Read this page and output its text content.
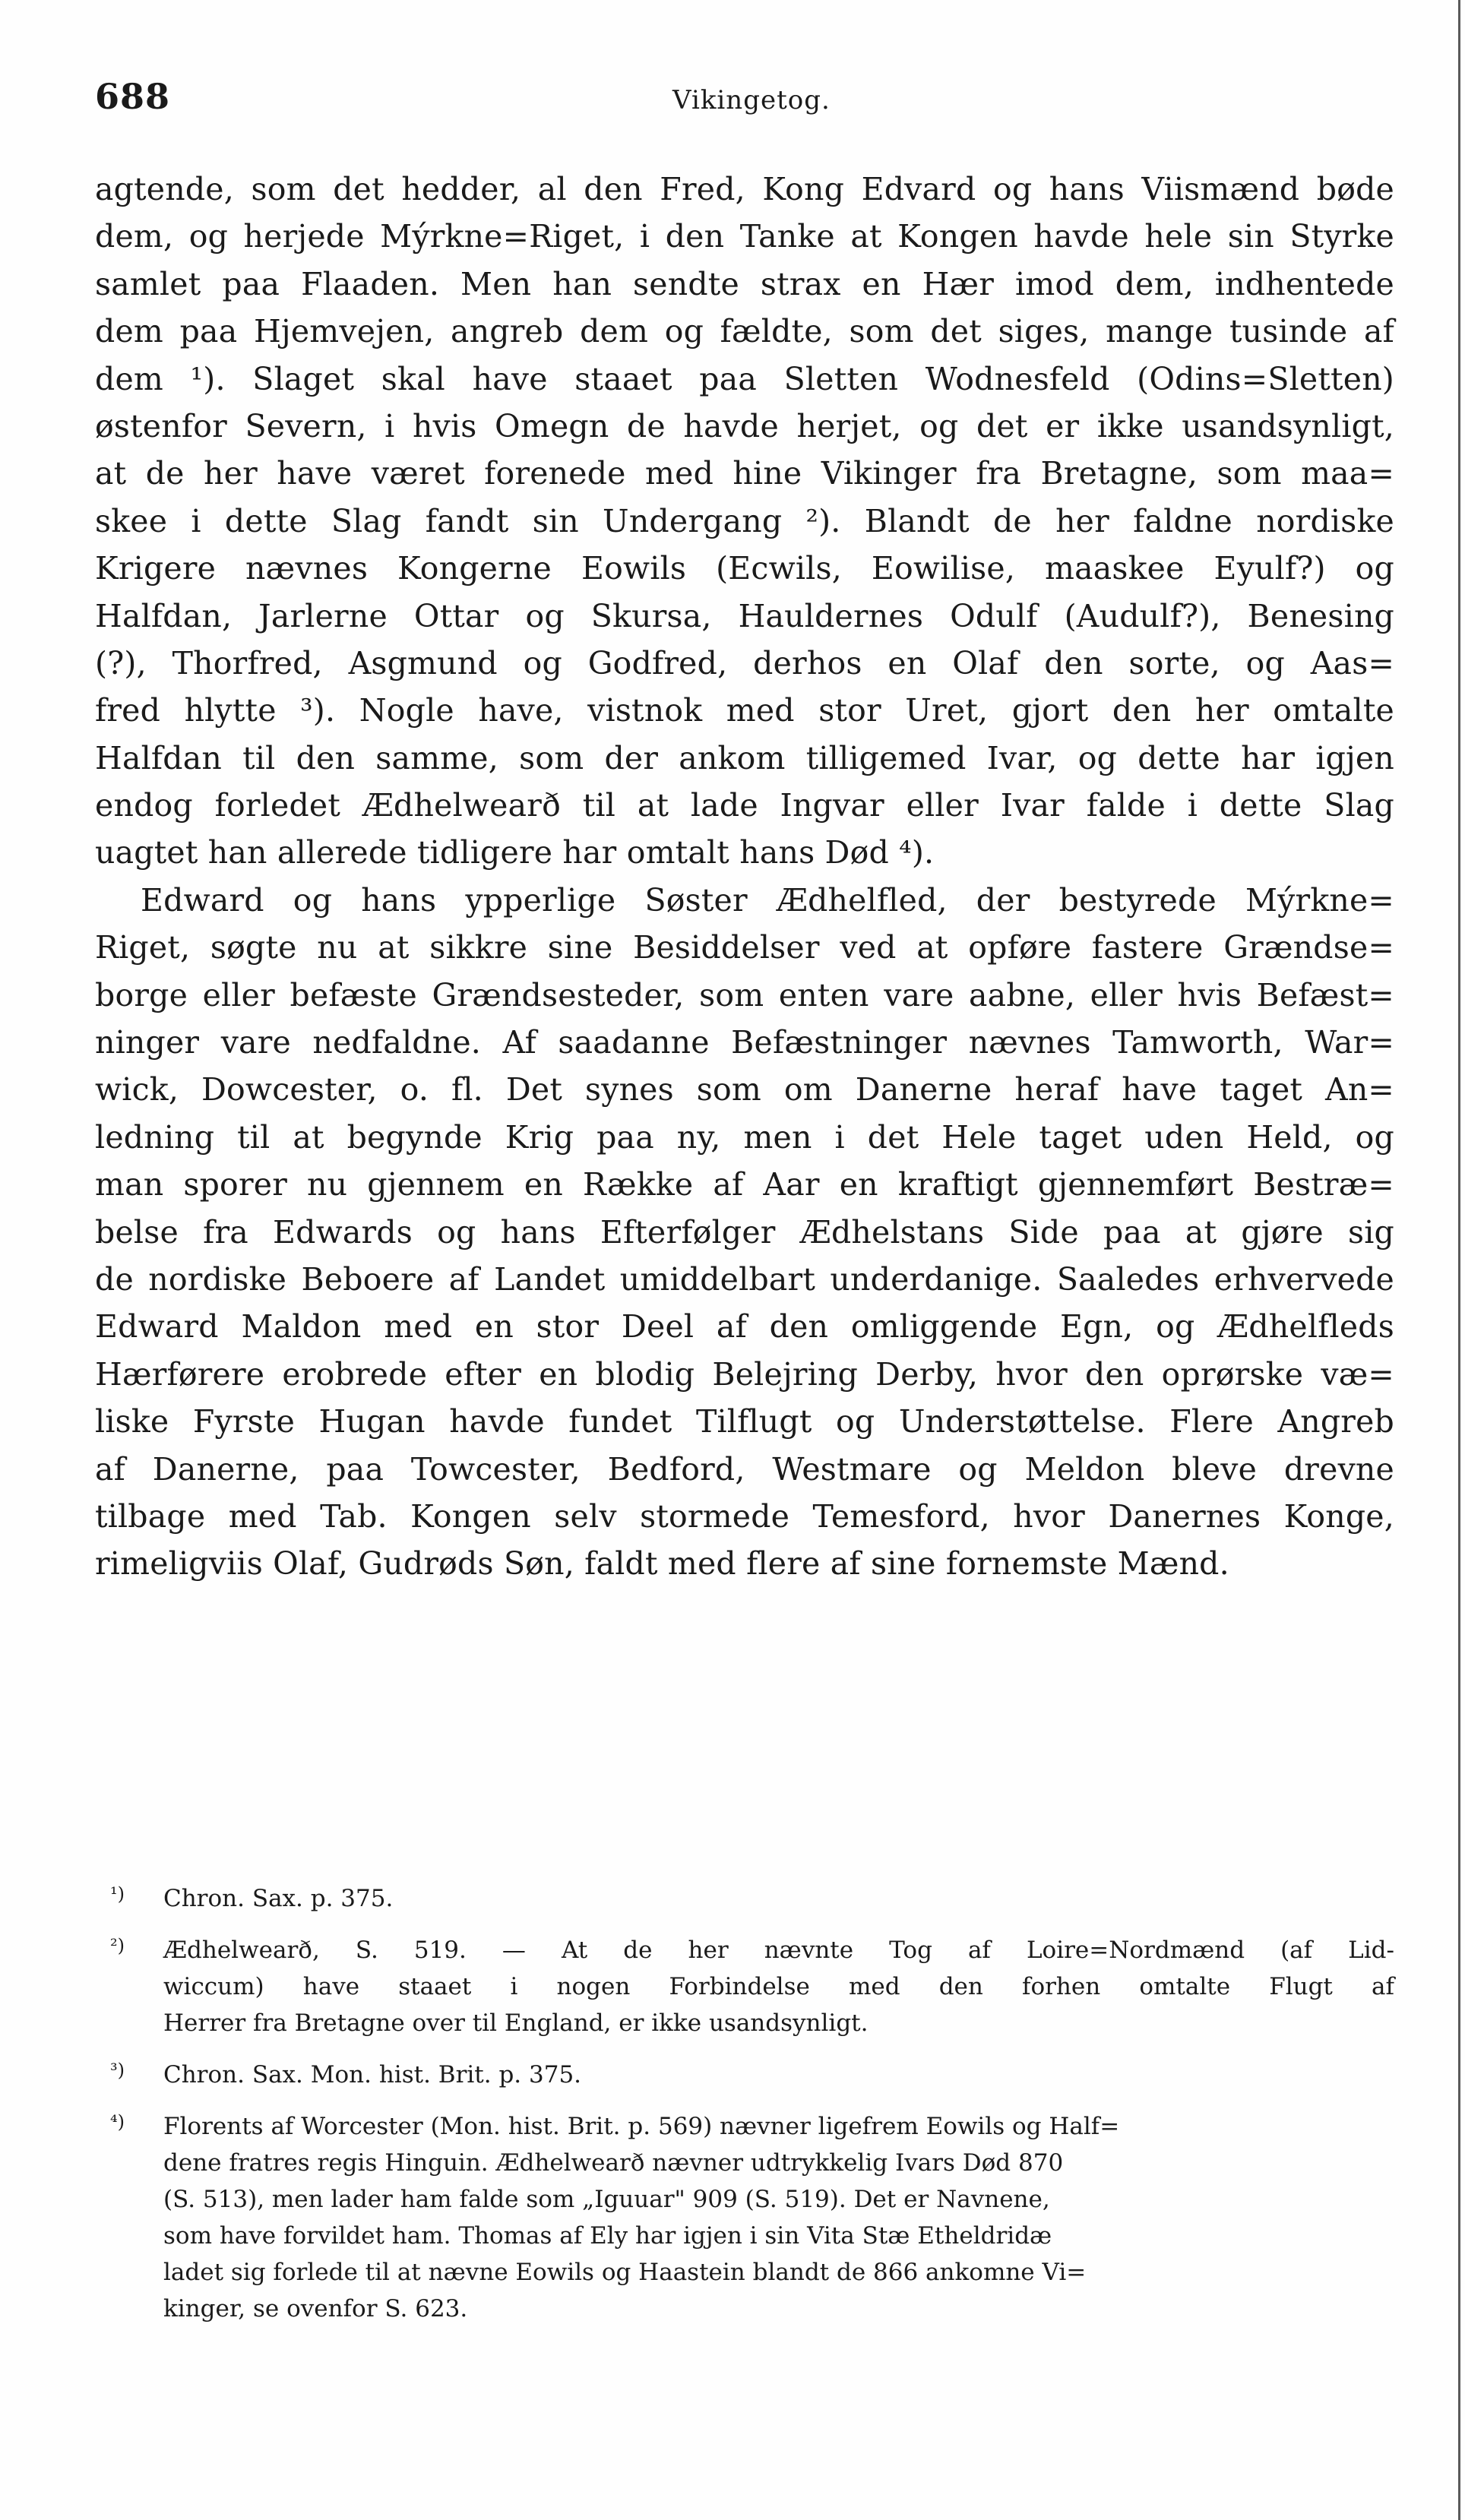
688	Vikingetog.
agtende, som det hedder, al den Fred, Kong Edvard og hans Viismænd bøde
dem, og herjede Mýrkne=Riget, i den Tanke at Kongen havde hele sin Styrke
samlet paa Flaaden. Men han sendte strax en Hær imod dem, indhentede
dem paa Hjemvejen, angreb dem og fældte, som det siges, mange tusinde af
dem ¹). Slaget skal have staaet paa Sletten Wodnesfeld (Odins=Sletten)
østenfor Severn, i hvis Omegn de havde herjet, og det er ikke usandsynligt,
at de her have været forenede med hine Vikinger fra Bretagne, som maa=
skee i dette Slag fandt sin Undergang ²). Blandt de her faldne nordiske
Krigere nævnes Kongerne Eowils (Ecwils, Eowilise, maaskee Eyulf?) og
Halfdan, Jarlerne Ottar og Skursa, Hauldernes Odulf (Audulf?), Benesing
(?), Thorfred, Asgmund og Godfred, derhos en Olaf den sorte, og Aas=
fred hlytte ³). Nogle have, vistnok med stor Uret, gjort den her omtalte
Halfdan til den samme, som der ankom tilligemed Ivar, og dette har igjen
endog forledet Ædhelwearð til at lade Ingvar eller Ivar falde i dette Slag
uagtet han allerede tidligere har omtalt hans Død ⁴).
Edward og hans ypperlige Søster Ædhelfled, der bestyrede Mýrkne=
Riget, søgte nu at sikkre sine Besiddelser ved at opføre fastere Grændse=
borge eller befæste Grændsesteder, som enten vare aabne, eller hvis Befæst=
ninger vare nedfaldne. Af saadanne Befæstninger nævnes Tamworth, War=
wick, Dowcester, o. fl. Det synes som om Danerne heraf have taget An=
ledning til at begynde Krig paa ny, men i det Hele taget uden Held, og
man sporer nu gjennem en Række af Aar en kraftigt gjennemført Bestræ=
belse fra Edwards og hans Efterfølger Ædhelstans Side paa at gjøre sig
de nordiske Beboere af Landet umiddelbart underdanige. Saaledes erhvervede
Edward Maldon med en stor Deel af den omliggende Egn, og Ædhelfleds
Hærførere erobrede efter en blodig Belejring Derby, hvor den oprørske væ=
liske Fyrste Hugan havde fundet Tilflugt og Understøttelse. Flere Angreb
af Danerne, paa Towcester, Bedford, Westmare og Meldon bleve drevne
tilbage med Tab. Kongen selv stormede Temesford, hvor Danernes Konge,
rimeligviis Olaf, Gudrøds Søn, faldt med flere af sine fornemste Mænd.
¹)	Chron. Sax. p. 375.
²)	Ædhelwearð, S. 519. — At de her nævnte Tog af Loire=Nordmænd (af Lid-
wiccum) have staaet i nogen Forbindelse med den forhen omtalte Flugt af
Herrer fra Bretagne over til England, er ikke usandsynligt.
³)	Chron. Sax. Mon. hist. Brit. p. 375.
⁴)	Florents af Worcester (Mon. hist. Brit. p. 569) nævner ligefrem Eowils og Half=
dene fratres regis Hinguin. Ædhelwearð nævner udtrykkelig Ivars Død 870
(S. 513), men lader ham falde som „Iguuar" 909 (S. 519). Det er Navnene,
som have forvildet ham. Thomas af Ely har igjen i sin Vita Stæ Etheldridæ
ladet sig forlede til at nævne Eowils og Haastein blandt de 866 ankomne Vi=
kinger, se ovenfor S. 623.
